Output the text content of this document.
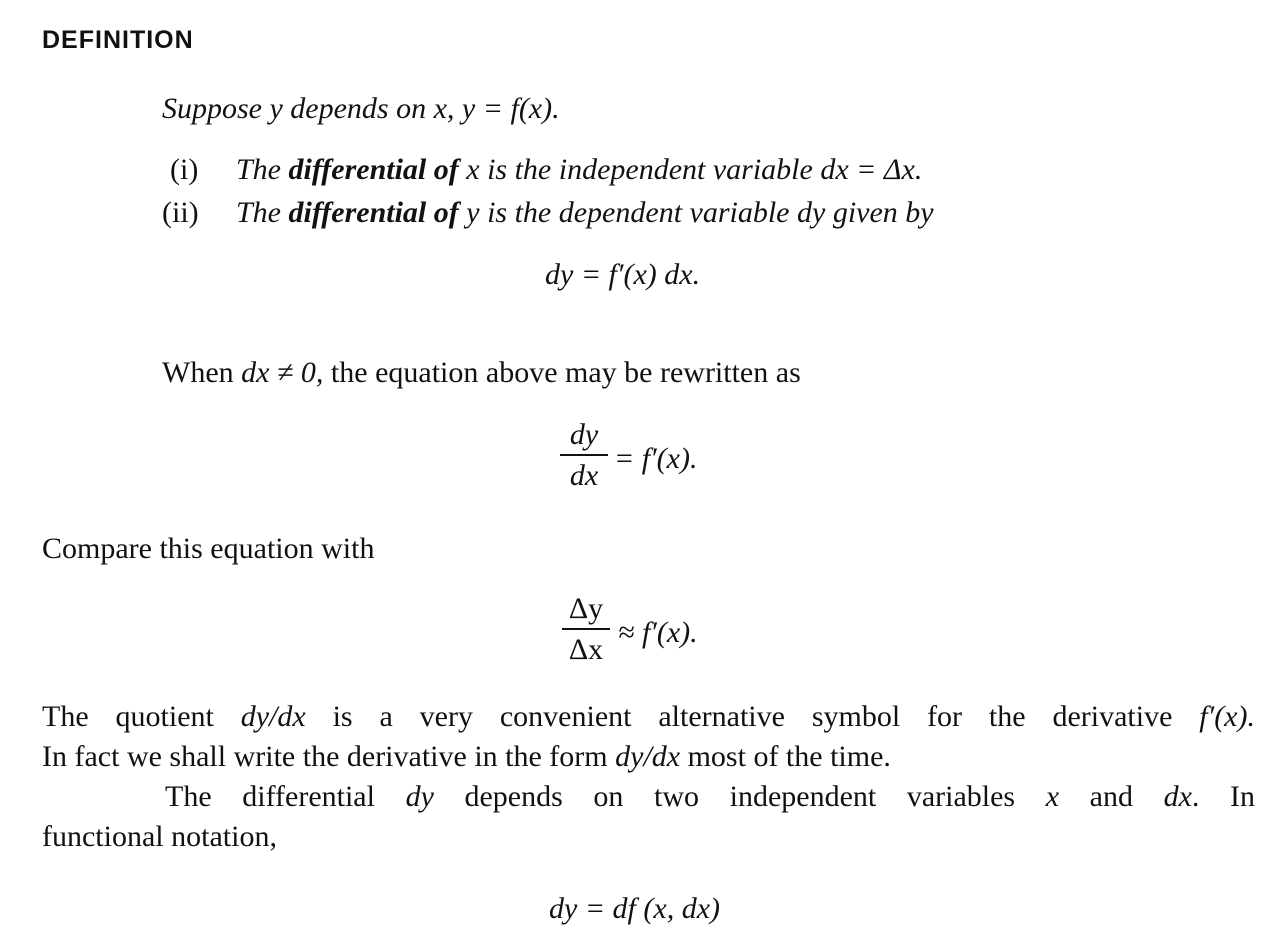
DEFINITION
Suppose y depends on x, y = f(x).
(i) The differential of x is the independent variable dx = Δx.
(ii) The differential of y is the dependent variable dy given by
dy = f′(x) dx.
When dx ≠ 0, the equation above may be rewritten as
dy
dx
= f′(x).
Compare this equation with
Δy
Δx
≈ f′(x).
The quotient dy/dx is a very convenient alternative symbol for the derivative f′(x).
In fact we shall write the derivative in the form dy/dx most of the time.
The differential dy depends on two independent variables x and dx. In
functional notation,
dy = df (x, dx)
